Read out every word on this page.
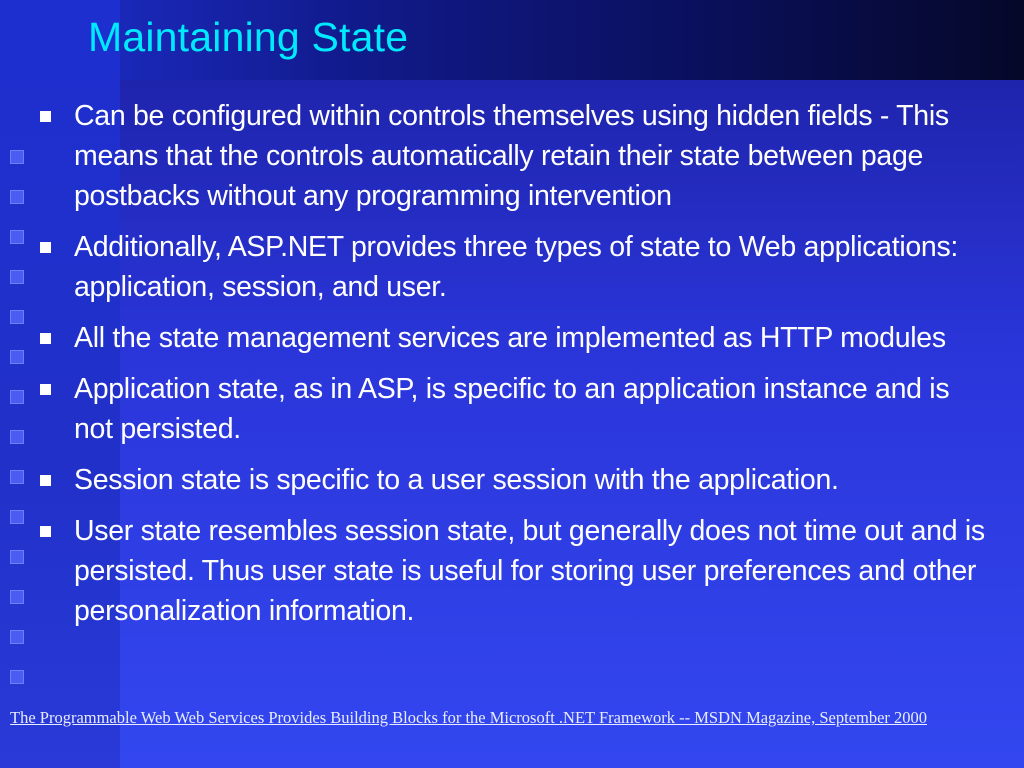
Maintaining State
Can be configured within controls themselves using hidden fields - This means that the controls automatically retain their state between page postbacks without any programming intervention
Additionally, ASP.NET provides three types of state to Web applications: application, session, and user.
All the state management services are implemented as HTTP modules
Application state, as in ASP, is specific to an application instance and is not persisted.
Session state is specific to a user session with the application.
User state resembles session state, but generally does not time out and is persisted. Thus user state is useful for storing user preferences and other personalization information.
The Programmable Web Web Services Provides Building Blocks for the Microsoft .NET Framework -- MSDN Magazine, September 2000
